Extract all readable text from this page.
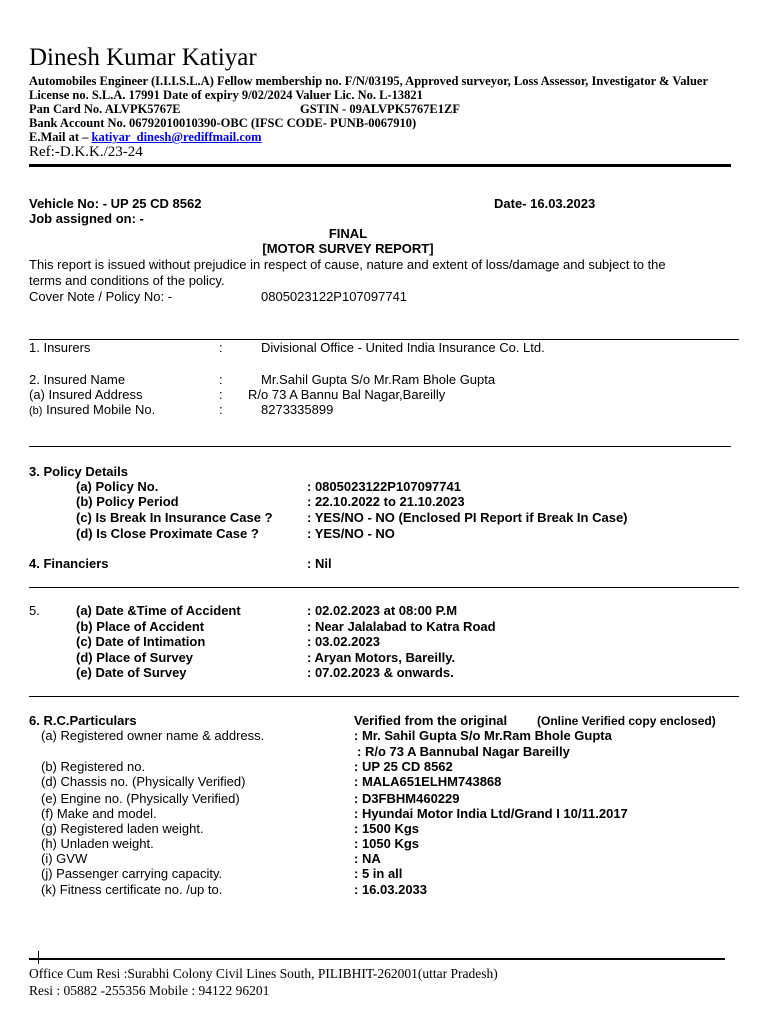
Dinesh Kumar Katiyar
Automobiles Engineer (I.I.I.S.L.A) Fellow membership no. F/N/03195, Approved surveyor, Loss Assessor, Investigator & Valuer
License no. S.L.A. 17991 Date of expiry 9/02/2024 Valuer Lic. No. L-13821
Pan Card No. ALVPK5767E	GSTIN - 09ALVPK5767E1ZF
Bank Account No. 06792010010390-OBC (IFSC CODE- PUNB-0067910)
E.Mail at – katiyar_dinesh@rediffmail.com
Ref:-D.K.K./23-24
Vehicle No: - UP 25 CD 8562	Date- 16.03.2023
Job assigned on: -
FINAL
[MOTOR SURVEY REPORT]
This report is issued without prejudice in respect of cause, nature and extent of loss/damage and subject to the
terms and conditions of the policy.
Cover Note / Policy No: -	0805023122P107097741
1. Insurers	:	Divisional Office - United India Insurance Co. Ltd.
2. Insured Name	:	Mr.Sahil Gupta S/o Mr.Ram Bhole Gupta
(a) Insured Address	: R/o 73 A Bannu Bal Nagar,Bareilly
(b) Insured Mobile No.	:	8273335899
3. Policy Details
(a) Policy No.	: 0805023122P107097741
(b) Policy Period	: 22.10.2022 to 21.10.2023
(c) Is Break In Insurance Case ?	: YES/NO - NO (Enclosed PI Report if Break In Case)
(d) Is Close Proximate Case ?	: YES/NO - NO
4. Financiers	: Nil
5.	(a) Date &Time of Accident	: 02.02.2023 at 08:00 P.M
(b) Place of Accident	: Near Jalalabad to Katra Road
(c) Date of Intimation	: 03.02.2023
(d) Place of Survey	: Aryan Motors, Bareilly.
(e) Date of Survey	: 07.02.2023 & onwards.
6. R.C.Particulars	Verified from the original (Online Verified copy enclosed)
(a) Registered owner name & address.	: Mr. Sahil Gupta S/o Mr.Ram Bhole Gupta
: R/o 73 A Bannubal Nagar Bareilly
(b) Registered no.	: UP 25 CD 8562
(d) Chassis no. (Physically Verified)	: MALA651ELHM743868
(e) Engine no. (Physically Verified)	: D3FBHM460229
(f) Make and model.	: Hyundai Motor India Ltd/Grand I 10/11.2017
(g) Registered laden weight.	: 1500 Kgs
(h) Unladen weight.	: 1050 Kgs
(i) GVW	: NA
(j) Passenger carrying capacity.	: 5 in all
(k) Fitness certificate no. /up to.	: 16.03.2033
Office Cum Resi :Surabhi Colony Civil Lines South, PILIBHIT-262001(uttar Pradesh)
Resi : 05882 -255356 Mobile : 94122 96201
